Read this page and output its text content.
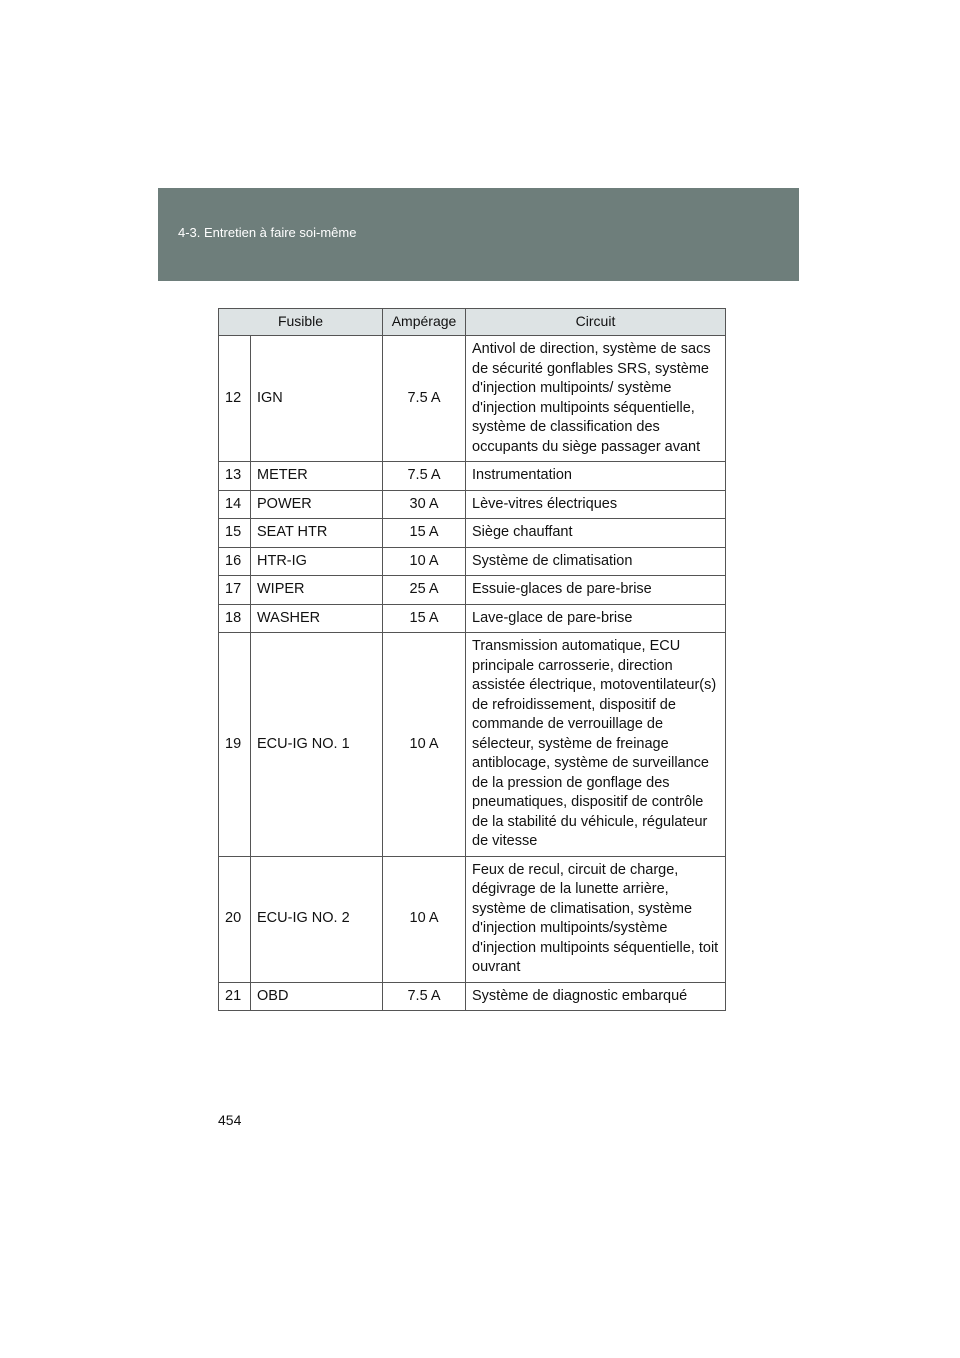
4-3. Entretien à faire soi-même
Fusible		Ampérage	Circuit
12	IGN	7.5 A	Antivol de direction, système de sacs de sécurité gonflables SRS, système d'injection multipoints/ système d'injection multipoints séquentielle, système de classification des occupants du siège passager avant
13	METER	7.5 A	Instrumentation
14	POWER	30 A	Lève-vitres électriques
15	SEAT HTR	15 A	Siège chauffant
16	HTR-IG	10 A	Système de climatisation
17	WIPER	25 A	Essuie-glaces de pare-brise
18	WASHER	15 A	Lave-glace de pare-brise
19	ECU-IG NO. 1	10 A	Transmission automatique, ECU principale carrosserie, direction assistée électrique, motoventilateur(s) de refroidissement, dispositif de commande de verrouillage de sélecteur, système de freinage antiblocage, système de surveillance de la pression de gonflage des pneumatiques, dispositif de contrôle de la stabilité du véhicule, régulateur de vitesse
20	ECU-IG NO. 2	10 A	Feux de recul, circuit de charge, dégivrage de la lunette arrière, système de climatisation, système d'injection multipoints/système d'injection multipoints séquentielle, toit ouvrant
21	OBD	7.5 A	Système de diagnostic embarqué
454
